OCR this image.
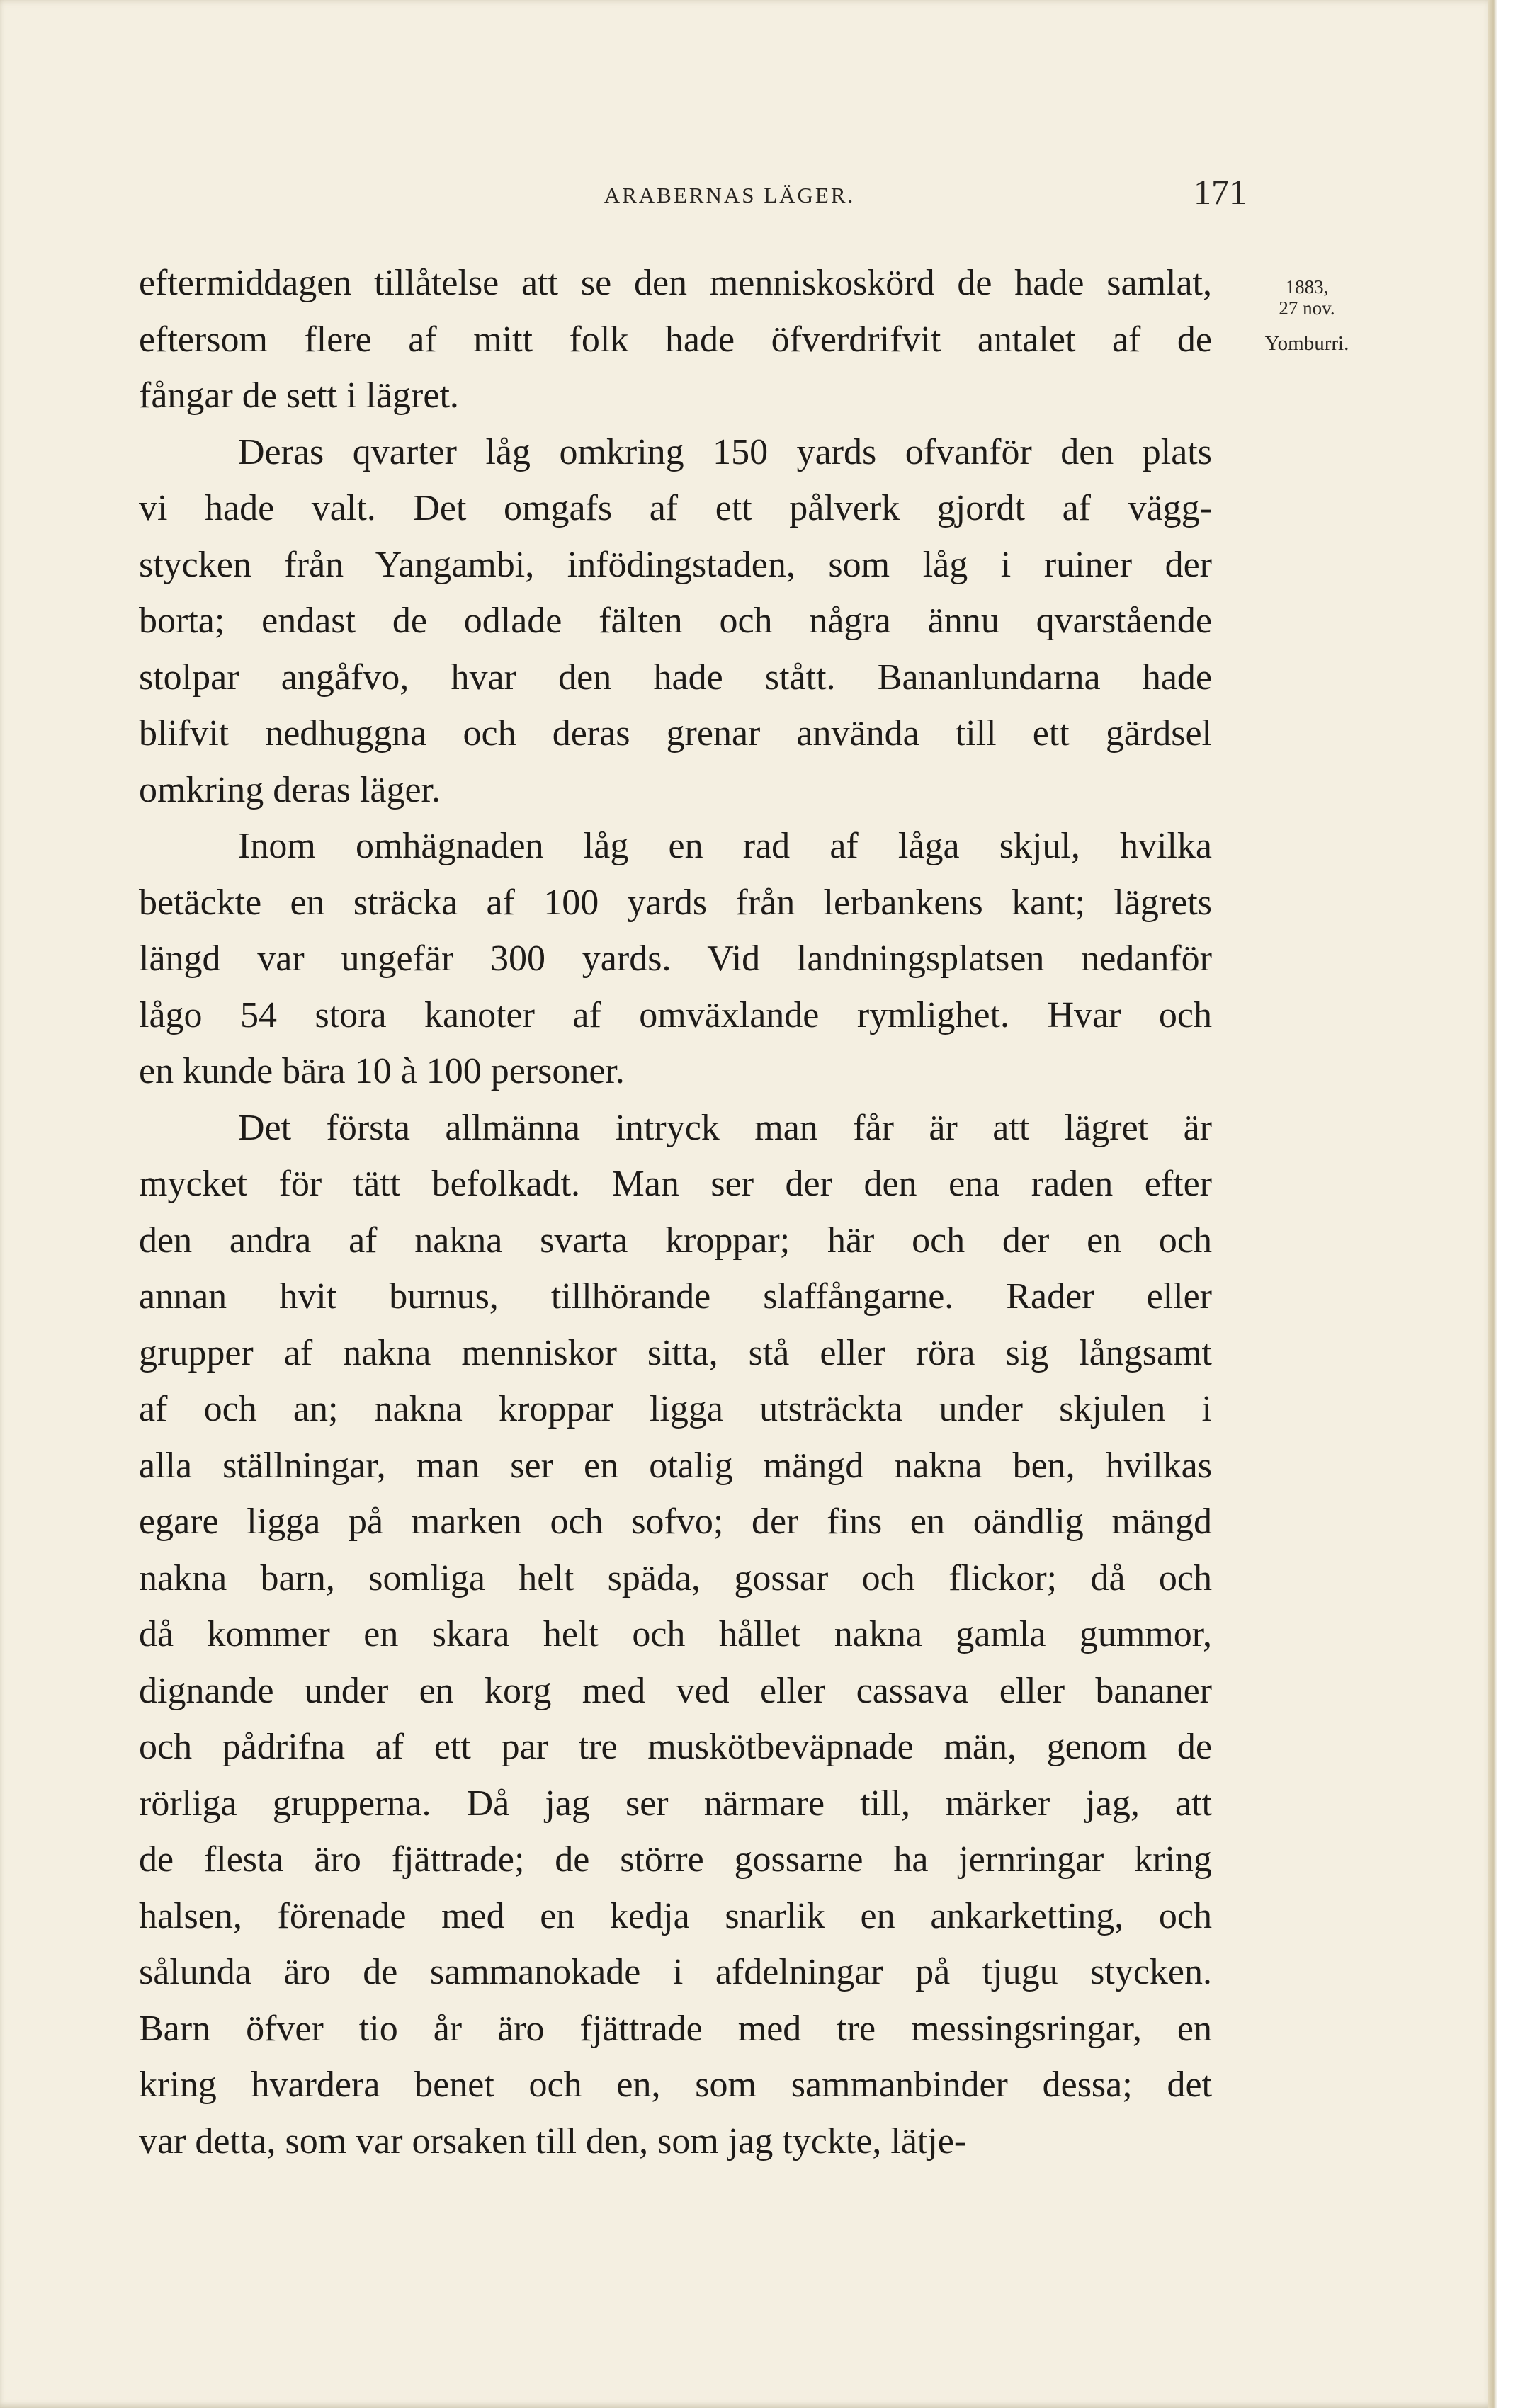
ARABERNAS LÄGER.	171
1883,
27 nov.
Yomburri.

eftermiddagen tillåtelse att se den menniskoskörd de hade samlat,
eftersom flere af mitt folk hade öfverdrifvit antalet af de
fångar de sett i lägret.

Deras qvarter låg omkring 150 yards ofvanför den plats
vi hade valt. Det omgafs af ett pålverk gjordt af vägg-
stycken från Yangambi, infödingstaden, som låg i ruiner der
borta; endast de odlade fälten och några ännu qvarstående
stolpar angåfvo, hvar den hade stått. Bananlundarna hade
blifvit nedhuggna och deras grenar använda till ett gärdsel
omkring deras läger.

Inom omhägnaden låg en rad af låga skjul, hvilka
betäckte en sträcka af 100 yards från lerbankens kant; lägrets
längd var ungefär 300 yards. Vid landningsplatsen nedanför
lågo 54 stora kanoter af omväxlande rymlighet. Hvar och
en kunde bära 10 à 100 personer.

Det första allmänna intryck man får är att lägret är
mycket för tätt befolkadt. Man ser der den ena raden efter
den andra af nakna svarta kroppar; här och der en och
annan hvit burnus, tillhörande slaffångarne. Rader eller
grupper af nakna menniskor sitta, stå eller röra sig långsamt
af och an; nakna kroppar ligga utsträckta under skjulen i
alla ställningar, man ser en otalig mängd nakna ben, hvilkas
egare ligga på marken och sofvo; der fins en oändlig mängd
nakna barn, somliga helt späda, gossar och flickor; då och
då kommer en skara helt och hållet nakna gamla gummor,
dignande under en korg med ved eller cassava eller bananer
och pådrifna af ett par tre muskötbeväpnade män, genom de
rörliga grupperna. Då jag ser närmare till, märker jag, att
de flesta äro fjättrade; de större gossarne ha jernringar kring
halsen, förenade med en kedja snarlik en ankarketting, och
sålunda äro de sammanokade i afdelningar på tjugu stycken.
Barn öfver tio år äro fjättrade med tre messingsringar, en
kring hvardera benet och en, som sammanbinder dessa; det
var detta, som var orsaken till den, som jag tyckte, lätje-
